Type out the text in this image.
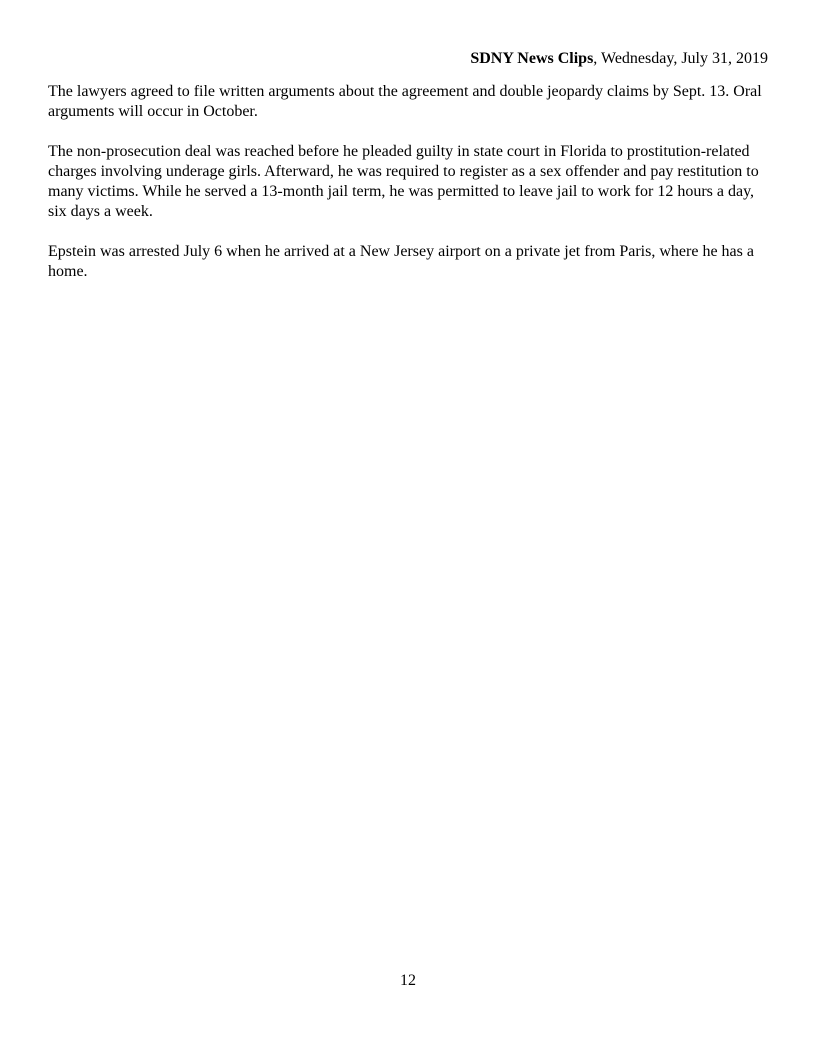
SDNY News Clips, Wednesday, July 31, 2019

The lawyers agreed to file written arguments about the agreement and double jeopardy claims by Sept. 13. Oral arguments will occur in October.

The non-prosecution deal was reached before he pleaded guilty in state court in Florida to prostitution-related charges involving underage girls. Afterward, he was required to register as a sex offender and pay restitution to many victims. While he served a 13-month jail term, he was permitted to leave jail to work for 12 hours a day, six days a week.

Epstein was arrested July 6 when he arrived at a New Jersey airport on a private jet from Paris, where he has a home.

12
